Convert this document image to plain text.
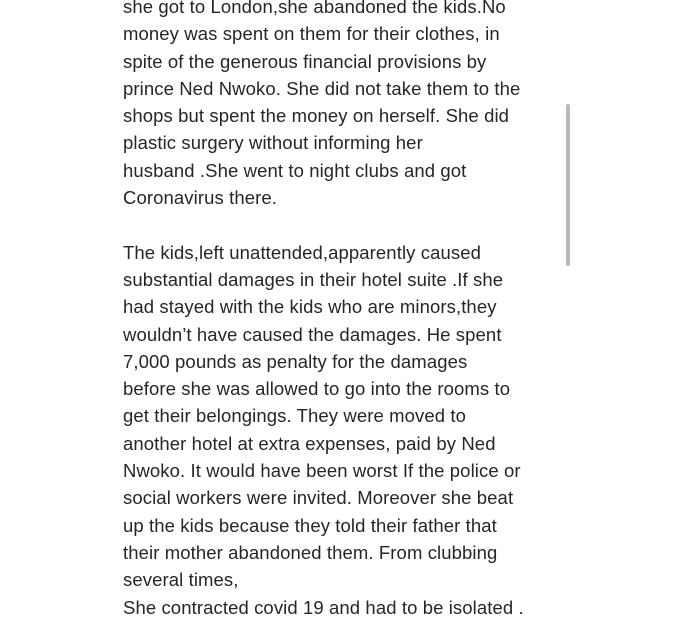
she got to London,she abandoned the kids.No
money was spent on them for their clothes, in
spite of the generous financial provisions by
prince Ned Nwoko. She did not take them to the
shops but spent the money on herself. She did
plastic surgery without informing her
husband .She went to night clubs and got
Coronavirus there.
The kids,left unattended,apparently caused
substantial damages in their hotel suite .If she
had stayed with the kids who are minors,they
wouldn’t have caused the damages. He spent
7,000 pounds as penalty for the damages
before she was allowed to go into the rooms to
get their belongings. They were moved to
another hotel at extra expenses, paid by Ned
Nwoko. It would have been worst If the police or
social workers were invited. Moreover she beat
up the kids because they told their father that
their mother abandoned them. From clubbing
several times,
She contracted covid 19 and had to be isolated .
